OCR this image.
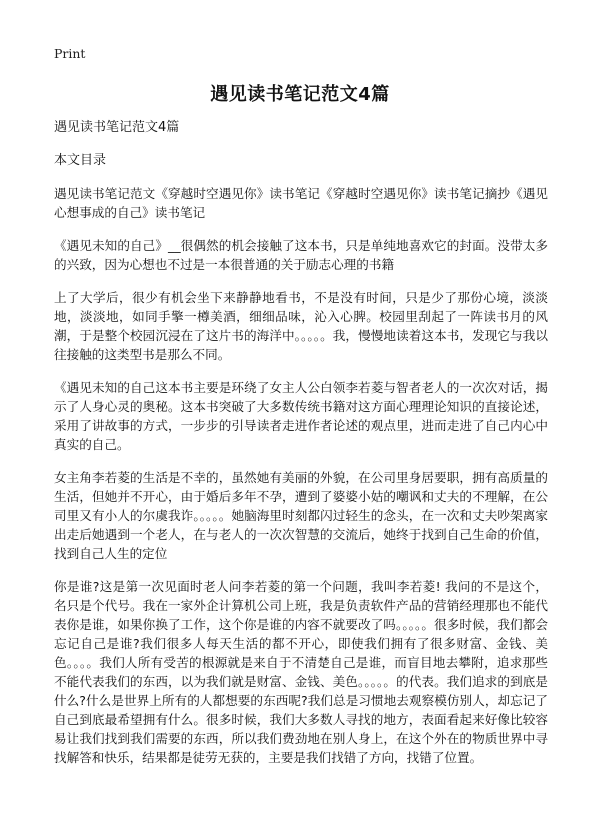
Print
遇见读书笔记范文4篇

遇见读书笔记范文4篇

本文目录

遇见读书笔记范文《穿越时空遇见你》读书笔记《穿越时空遇见你》读书笔记摘抄《遇见心想事成的自己》读书笔记

《遇见未知的自己》__很偶然的机会接触了这本书，只是单纯地喜欢它的封面。没带太多的兴致，因为心想也不过是一本很普通的关于励志心理的书籍

上了大学后，很少有机会坐下来静静地看书，不是没有时间，只是少了那份心境，淡淡地，淡淡地，如同手擎一樽美酒，细细品味，沁入心脾。校园里刮起了一阵读书月的风潮，于是整个校园沉浸在了这片书的海洋中。。。。。我，慢慢地读着这本书，发现它与我以往接触的这类型书是那么不同。

《遇见未知的自己这本书主要是环绕了女主人公白领李若菱与智者老人的一次次对话，揭示了人身心灵的奥秘。这本书突破了大多数传统书籍对这方面心理理论知识的直接论述，采用了讲故事的方式，一步步的引导读者走进作者论述的观点里，进而走进了自己内心中真实的自己。

女主角李若菱的生活是不幸的，虽然她有美丽的外貌，在公司里身居要职，拥有高质量的生活，但她并不开心，由于婚后多年不孕，遭到了婆婆小姑的嘲讽和丈夫的不理解，在公司里又有小人的尔虞我诈。。。。。她脑海里时刻都闪过轻生的念头，在一次和丈夫吵架离家出走后她遇到一个老人，在与老人的一次次智慧的交流后，她终于找到自己生命的价值，找到自己人生的定位

你是谁?这是第一次见面时老人问李若菱的第一个问题，我叫李若菱! 我问的不是这个，名只是个代号。我在一家外企计算机公司上班，我是负责软件产品的营销经理那也不能代表你是谁，如果你换了工作，这个你是谁的内容不就要改了吗。。。。。很多时候，我们都会忘记自己是谁?我们很多人每天生活的都不开心，即使我们拥有了很多财富、金钱、美色。。。。我们人所有受苦的根源就是来自于不清楚自己是谁，而盲目地去攀附，追求那些不能代表我们的东西，以为我们就是财富、金钱、美色。。。。。的代表。我们追求的到底是什么?什么是世界上所有的人都想要的东西呢?我们总是习惯地去观察模仿别人，却忘记了自己到底最希望拥有什么。很多时候，我们大多数人寻找的地方，表面看起来好像比较容易让我们找到我们需要的东西，所以我们费劲地在别人身上，在这个外在的物质世界中寻找解答和快乐，结果都是徒劳无获的，主要是我们找错了方向，找错了位置。
